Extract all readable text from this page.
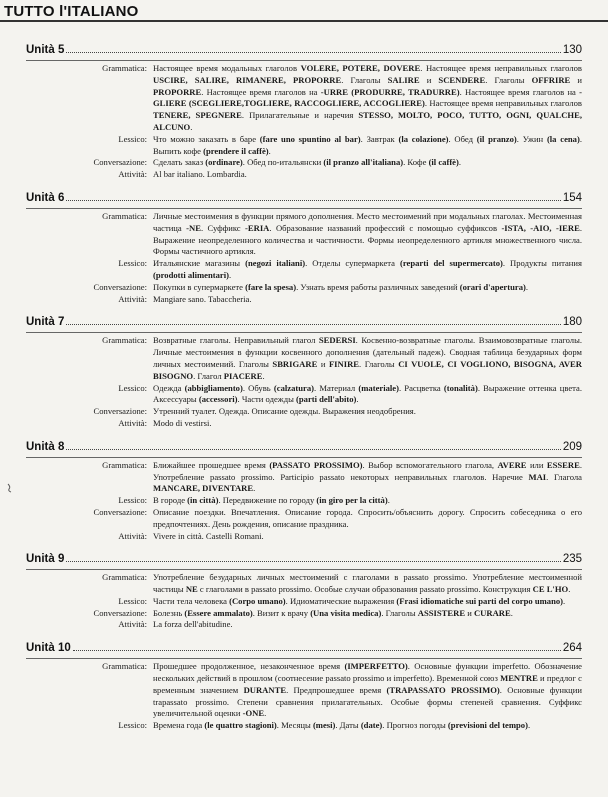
TUTTO l'ITALIANO
Unità 5	130
Grammatica: Настоящее время модальных глаголов VOLERE, POTERE, DOVERE. Настоящее время неправильных глаголов USCIRE, SALIRE, RIMANERE, PROPORRE. Глаголы SALIRE и SCENDERE. Глаголы OFFRIRE и PROPORRE. Настоящее время глаголов на -URRE (PRODURRE, TRADURRE). Настоящее время глаголов на -GLIERE (SCEGLIERE,TOGLIERE, RACCOGLIERE, ACCOGLIERE). Настоящее время неправильных глаголов TENERE, SPEGNERE. Прилагательные и наречия STESSO, MOLTO, POCO, TUTTO, OGNI, QUALCHE, ALCUNO.
Lessico: Что можно заказать в баре (fare uno spuntino al bar). Завтрак (la colazione). Обед (il pranzo). Ужин (la cena). Выпить кофе (prendere il caffè).
Conversazione: Сделать заказ (ordinare). Обед по-итальянски (il pranzo all'italiana). Кофе (il caffè).
Attività: Al bar italiano. Lombardia.
Unità 6	154
Grammatica: Личные местоимения в функции прямого дополнения. Место местоимений при модальных глаголах. Местоименная частица -NE. Суффикс -ERIA. Образование названий профессий с помощью суффиксов -ISTA, -AIO, -IERE. Выражение неопределенного количества и частичности. Формы неопределенного артикля множественного числа. Формы частичного артикля.
Lessico: Итальянские магазины (negozi italiani). Отделы супермаркета (reparti del supermercato). Продукты питания (prodotti alimentari).
Conversazione: Покупки в супермаркете (fare la spesa). Узнать время работы различных заведений (orari d'apertura).
Attività: Mangiare sano. Tabaccheria.
Unità 7	180
Grammatica: Возвратные глаголы. Неправильный глагол SEDERSI. Косвенно-возвратные глаголы. Взаимовозвратные глаголы. Личные местоимения в функции косвенного дополнения (дательный падеж). Сводная таблица безударных форм личных местоимений. Глаголы SBRIGARE и FINIRE. Глаголы CI VUOLE, CI VOGLIONO, BISOGNA, AVER BISOGNO. Глагол PIACERE.
Lessico: Одежда (abbigliamento). Обувь (calzatura). Материал (materiale). Расцветка (tonalità). Выражение оттенка цвета. Аксессуары (accessori). Части одежды (parti dell'abito).
Conversazione: Утренний туалет. Одежда. Описание одежды. Выражения неодобрения.
Attività: Modo di vestirsi.
Unità 8	209
Grammatica: Ближайшее прошедшее время (PASSATO PROSSIMO). Выбор вспомогательного глагола, AVERE или ESSERE. Употребление passato prossimo. Participio passato некоторых неправильных глаголов. Наречие MAI. Глагола MANCARE, DIVENTARE.
Lessico: В городе (in città). Передвижение по городу (in giro per la città).
Conversazione: Описание поездки. Впечатления. Описание города. Спросить/объяснить дорогу. Спросить собеседника о его предпочтениях. День рождения, описание праздника.
Attività: Vivere in città. Castelli Romani.
Unità 9	235
Grammatica: Употребление безударных личных местоимений с глаголами в passato prossimo. Употребление местоименной частицы NE с глаголами в passato prossimo. Особые случаи образования passato prossimo. Конструкция CE L'HO.
Lessico: Части тела человека (Corpo umano). Идиоматические выражения (Frasi idiomatiche sui parti del corpo umano).
Conversazione: Болезнь (Essere ammalato). Визит к врачу (Una visita medica). Глаголы ASSISTERE и CURARE.
Attività: La forza dell'abitudine.
Unità 10	264
Grammatica: Прошедшее продолженное, незаконченное время (IMPERFETTO). Основные функции imperfetto. Обозначение нескольких действий в прошлом (соотнесение passato prossimo и imperfetto). Временной союз MENTRE и предлог с временным значением DURANTE. Предпрошедшее время (TRAPASSATO PROSSIMO). Основные функции trapassato prossimo. Степени сравнения прилагательных. Особые формы степеней сравнения. Суффикс увеличительной оценки -ONE.
Lessico: Времена года (le quattro stagioni). Месяцы (mesi). Даты (date). Прогноз погоды (previsioni del tempo).
